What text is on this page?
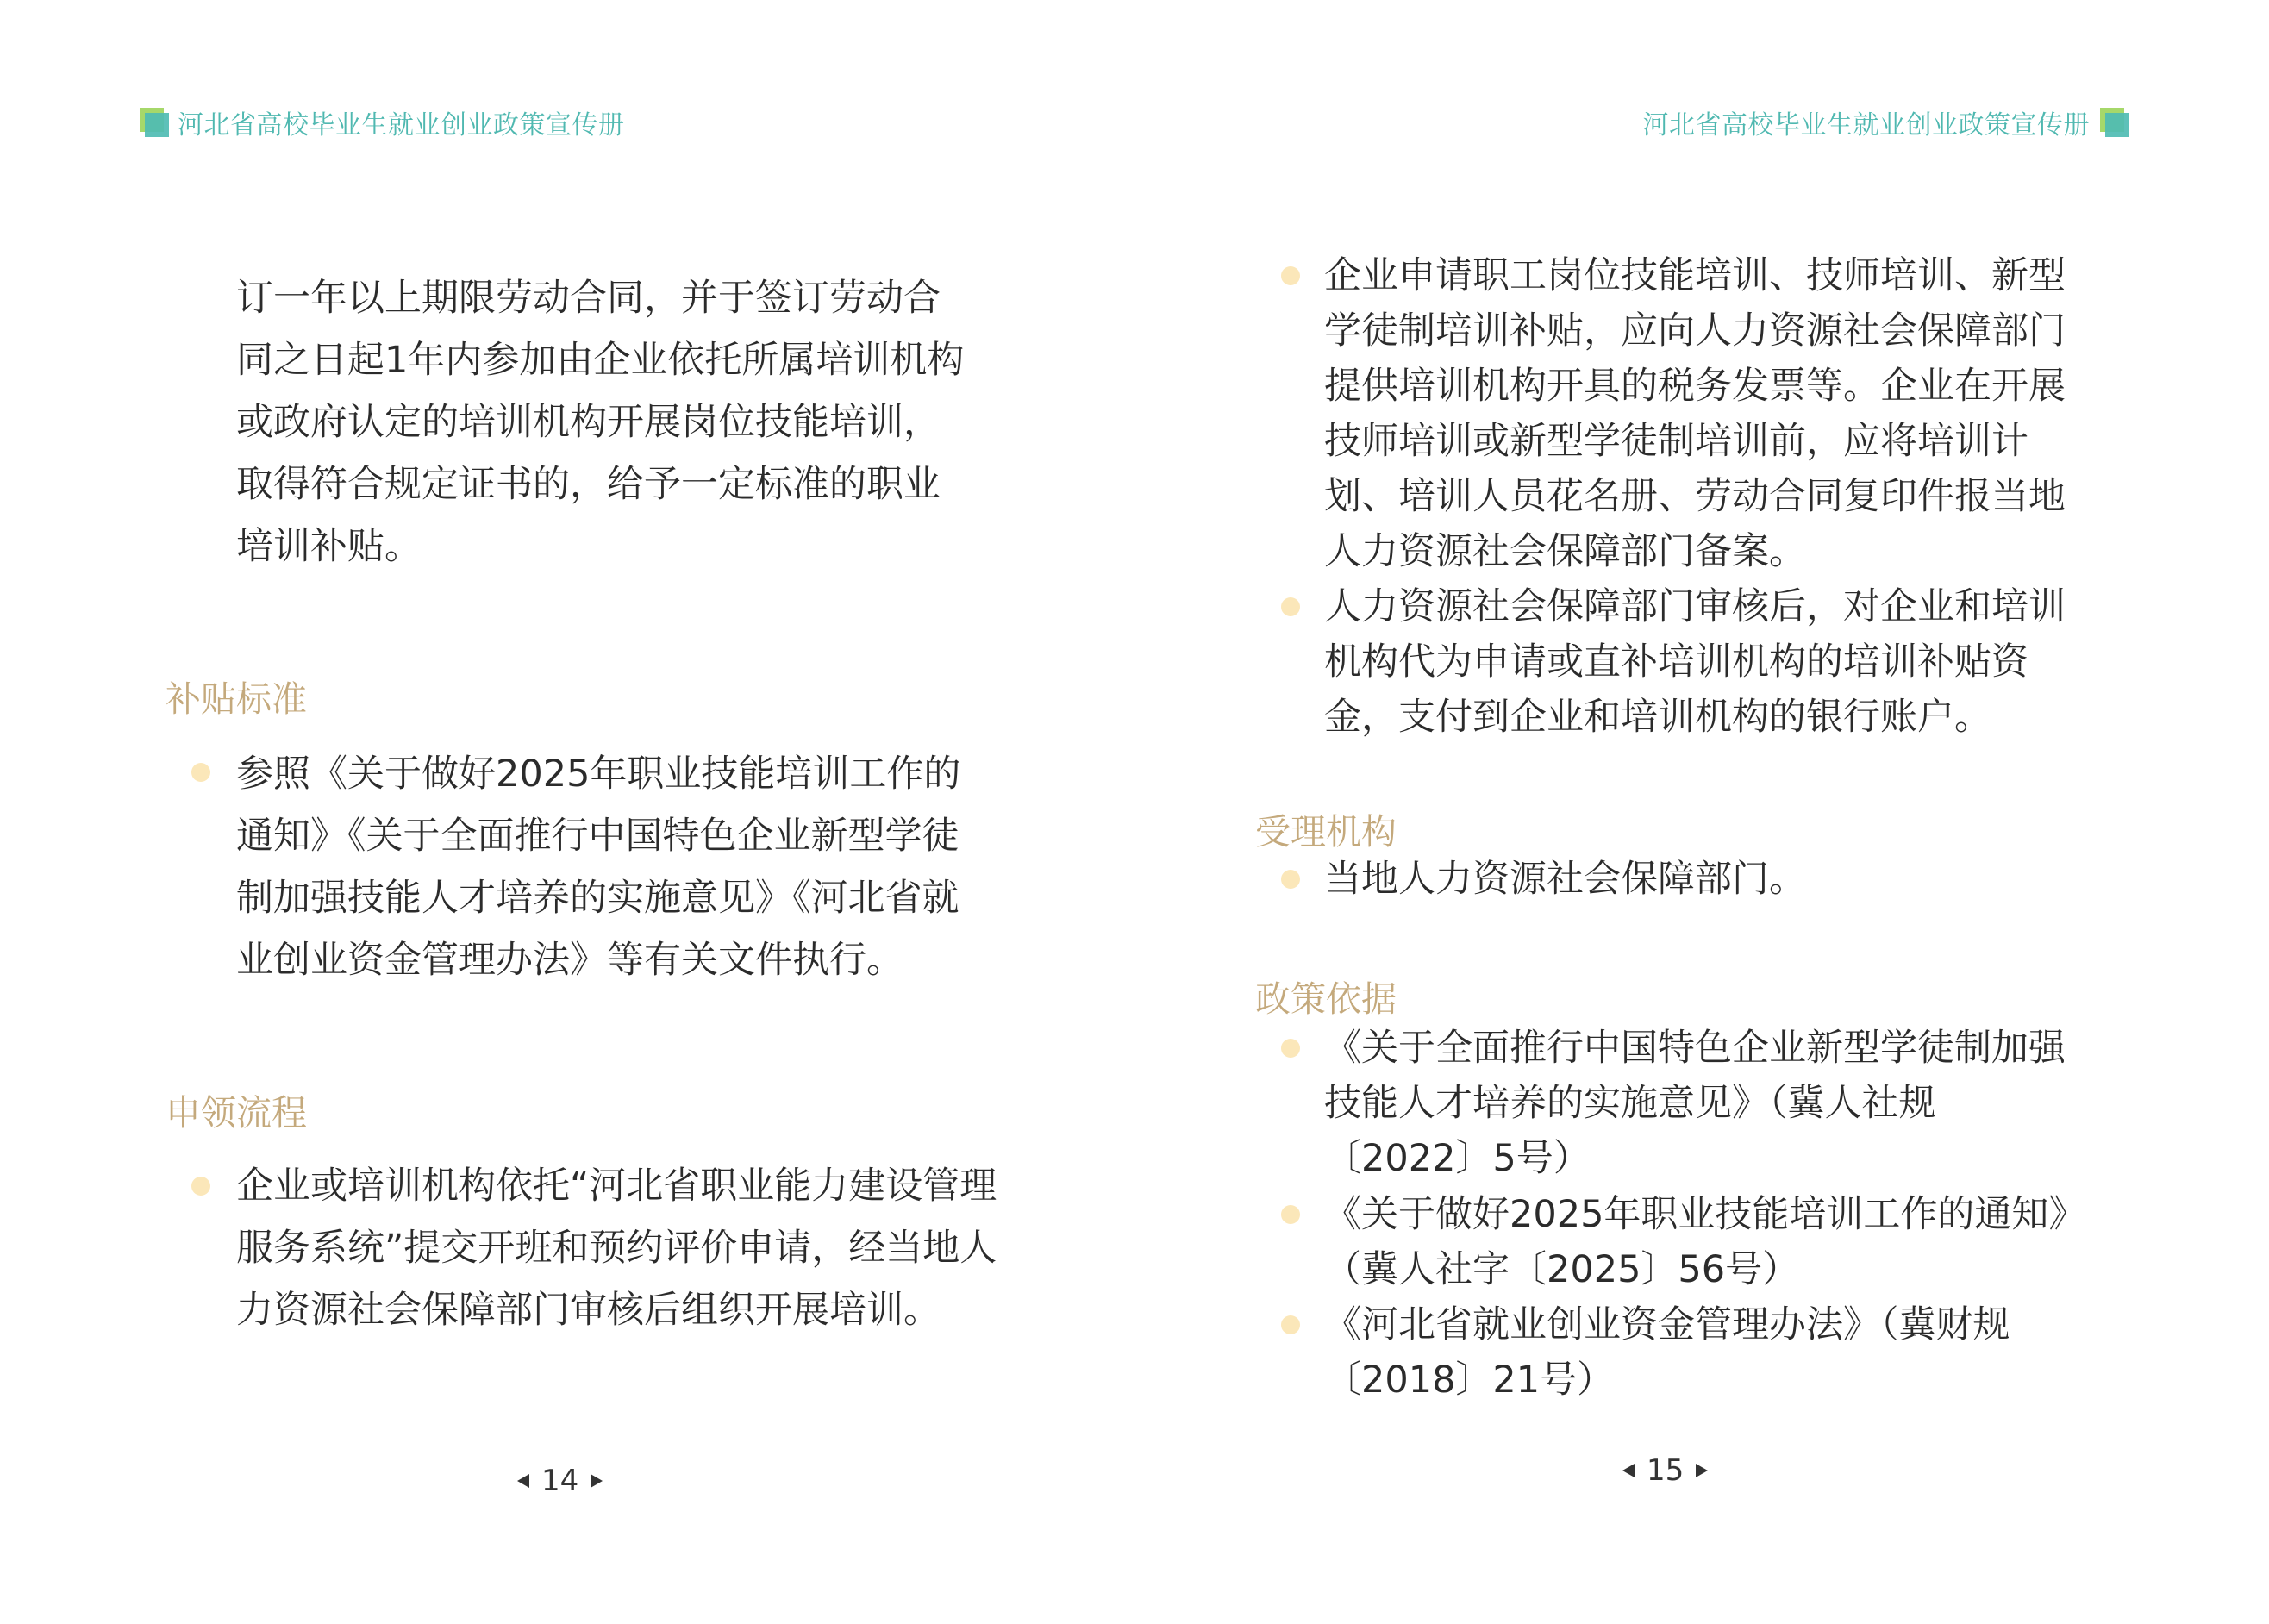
河北省高校毕业生就业创业政策宣传册	河北省高校毕业生就业创业政策宣传册
订一年以上期限劳动合同，并于签订劳动合
同之日起1年内参加由企业依托所属培训机构
或政府认定的培训机构开展岗位技能培训，
取得符合规定证书的，给予一定标准的职业
培训补贴。
补贴标准
参照《关于做好2025年职业技能培训工作的
通知》《关于全面推行中国特色企业新型学徒
制加强技能人才培养的实施意见》《河北省就
业创业资金管理办法》等有关文件执行。
申领流程
企业或培训机构依托“河北省职业能力建设管理
服务系统”提交开班和预约评价申请，经当地人
力资源社会保障部门审核后组织开展培训。
14
企业申请职工岗位技能培训、技师培训、新型
学徒制培训补贴，应向人力资源社会保障部门
提供培训机构开具的税务发票等。企业在开展
技师培训或新型学徒制培训前，应将培训计
划、培训人员花名册、劳动合同复印件报当地
人力资源社会保障部门备案。
人力资源社会保障部门审核后，对企业和培训
机构代为申请或直补培训机构的培训补贴资
金，支付到企业和培训机构的银行账户。
受理机构
当地人力资源社会保障部门。
政策依据
《关于全面推行中国特色企业新型学徒制加强
技能人才培养的实施意见》（冀人社规
〔2022〕5号）
《关于做好2025年职业技能培训工作的通知》
（冀人社字〔2025〕56号）
《河北省就业创业资金管理办法》（冀财规
〔2018〕21号）
15
